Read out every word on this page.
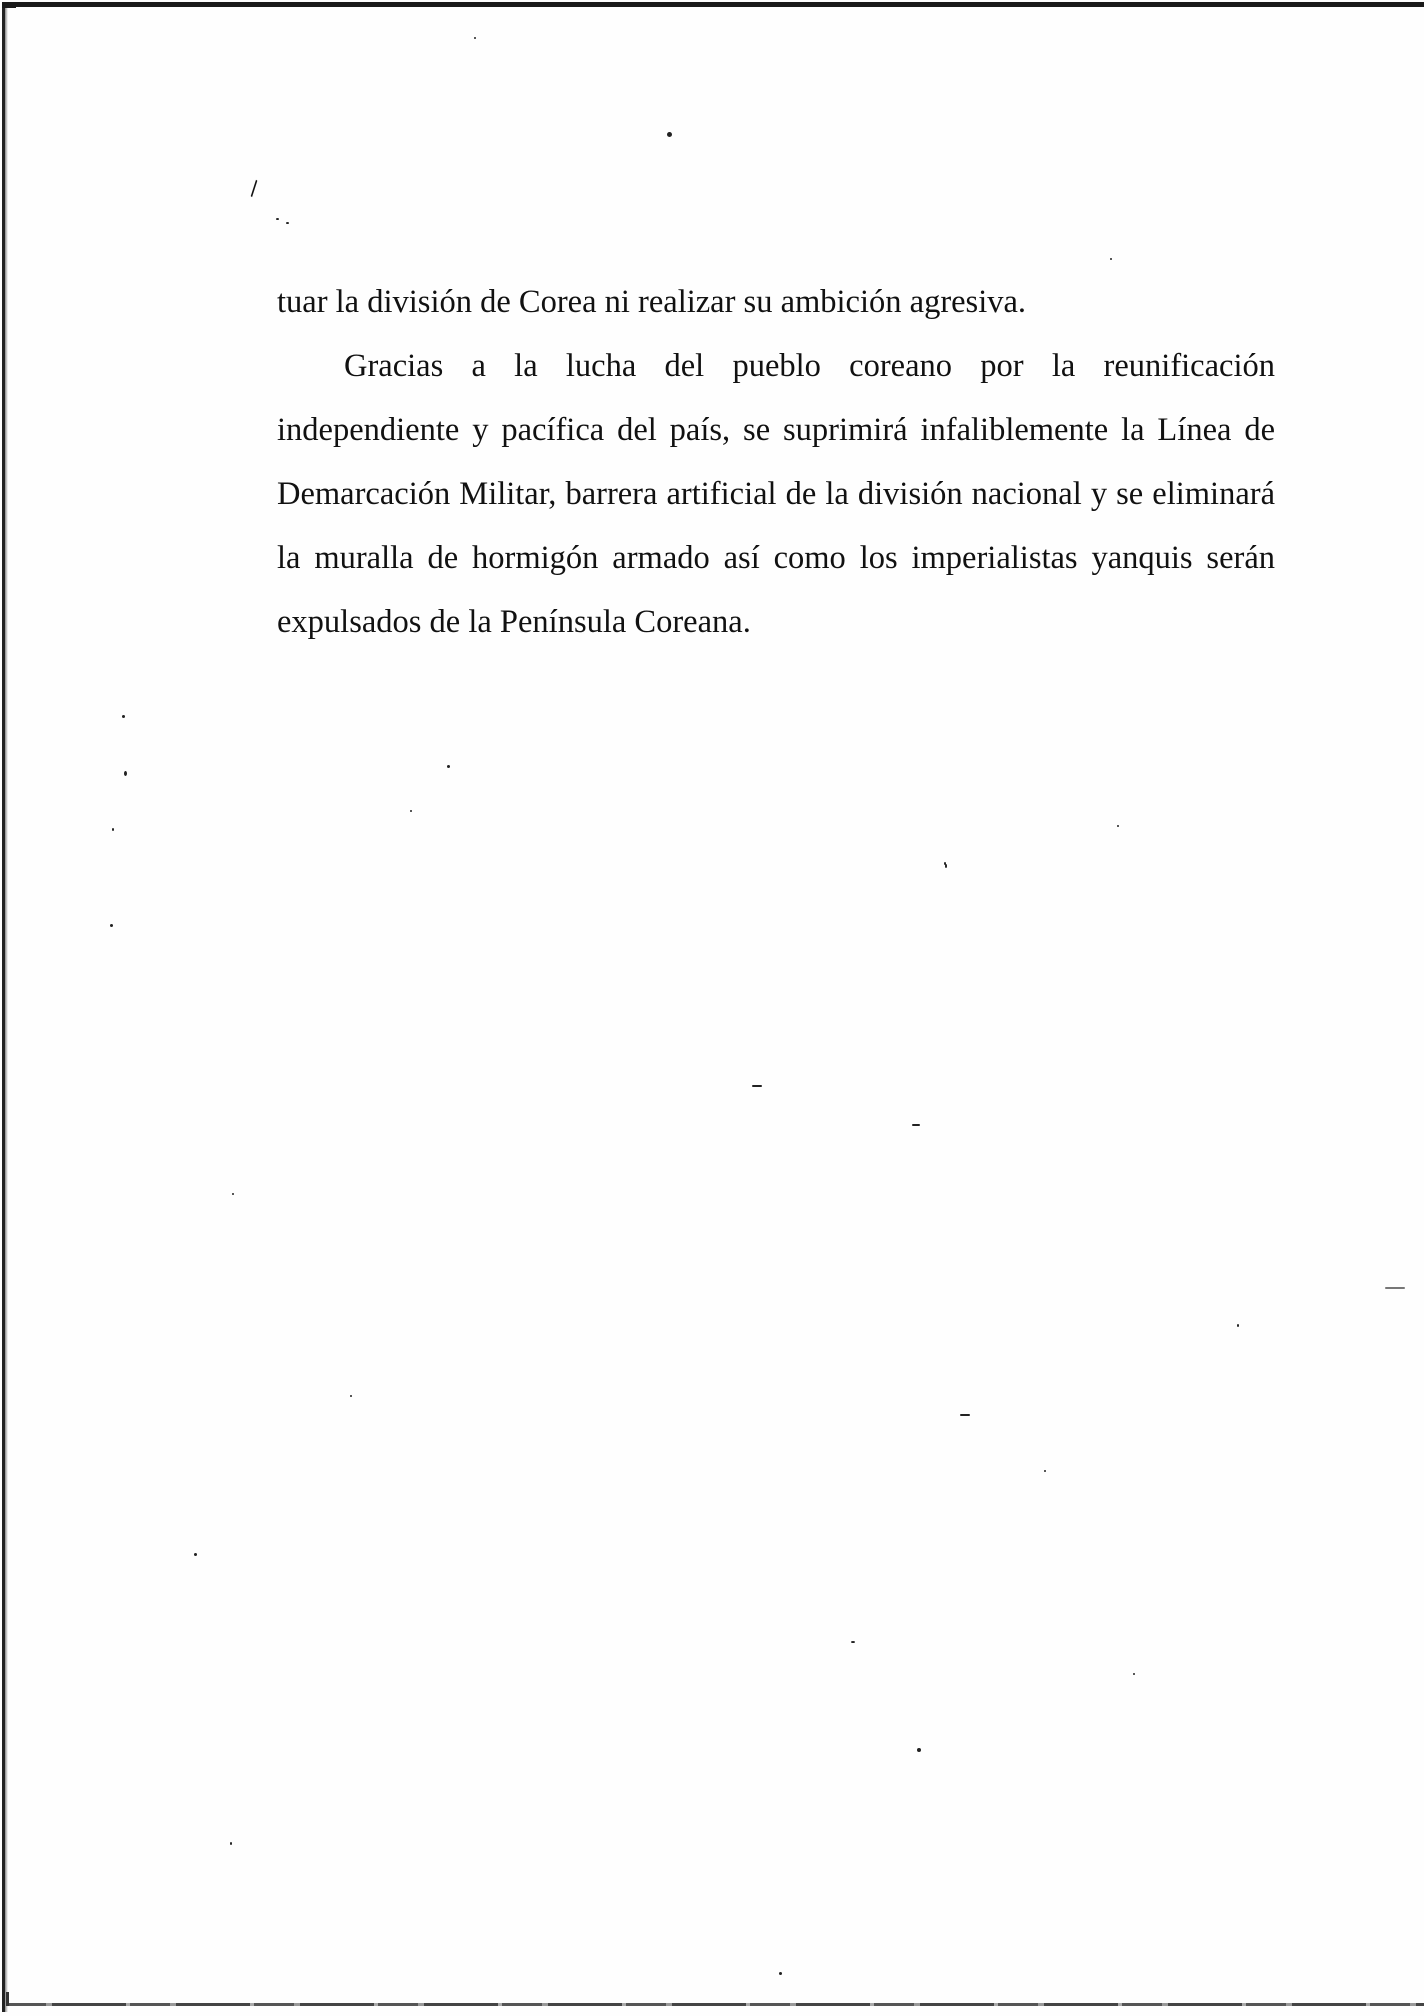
\

tuar la división de Corea ni realizar su ambición agresiva.

Gracias a la lucha del pueblo coreano por la reunificación independiente y pacífica del país, se suprimirá infaliblemente la Línea de Demarcación Militar, barrera artificial de la división nacional y se eliminará la muralla de hormigón armado así como los imperialistas yanquis serán expulsados de la Península Coreana.
